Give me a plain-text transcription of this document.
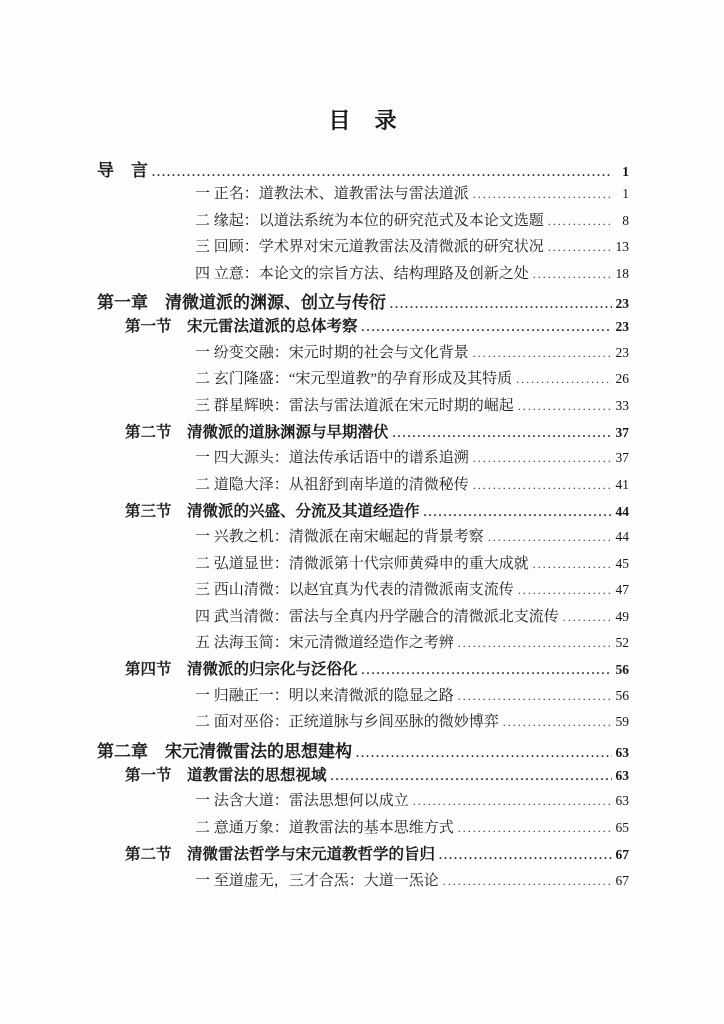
目　录
导　言 .....	1
一 正名：道教法术、道教雷法与雷法道派 .....	1
二 缘起：以道法系统为本位的研究范式及本论文选题 .....	8
三 回顾：学术界对宋元道教雷法及清微派的研究状况 .....	13
四 立意：本论文的宗旨方法、结构理路及创新之处 .....	18
第一章　清微道派的渊源、创立与传衍 .....	23
第一节　宋元雷法道派的总体考察 .....	23
一 纷变交融：宋元时期的社会与文化背景 .....	23
二 玄门隆盛：“宋元型道教”的孕育形成及其特质 .....	26
三 群星辉映：雷法与雷法道派在宋元时期的崛起 .....	33
第二节　清微派的道脉渊源与早期潜伏 .....	37
一 四大源头：道法传承话语中的谱系追溯 .....	37
二 道隐大泽：从祖舒到南毕道的清微秘传 .....	41
第三节　清微派的兴盛、分流及其道经造作 .....	44
一 兴教之机：清微派在南宋崛起的背景考察 .....	44
二 弘道显世：清微派第十代宗师黄舜申的重大成就 .....	45
三 西山清微：以赵宜真为代表的清微派南支流传 .....	47
四 武当清微：雷法与全真内丹学融合的清微派北支流传 .....	49
五 法海玉简：宋元清微道经造作之考辨 .....	52
第四节　清微派的归宗化与泛俗化 .....	56
一 归融正一：明以来清微派的隐显之路 .....	56
二 面对巫俗：正统道脉与乡闾巫脉的微妙博弈 .....	59
第二章　宋元清微雷法的思想建构 .....	63
第一节　道教雷法的思想视域 .....	63
一 法含大道：雷法思想何以成立 .....	63
二 意通万象：道教雷法的基本思维方式 .....	65
第二节　清微雷法哲学与宋元道教哲学的旨归 .....	67
一 至道虚无，三才合炁：大道一炁论 .....	67
